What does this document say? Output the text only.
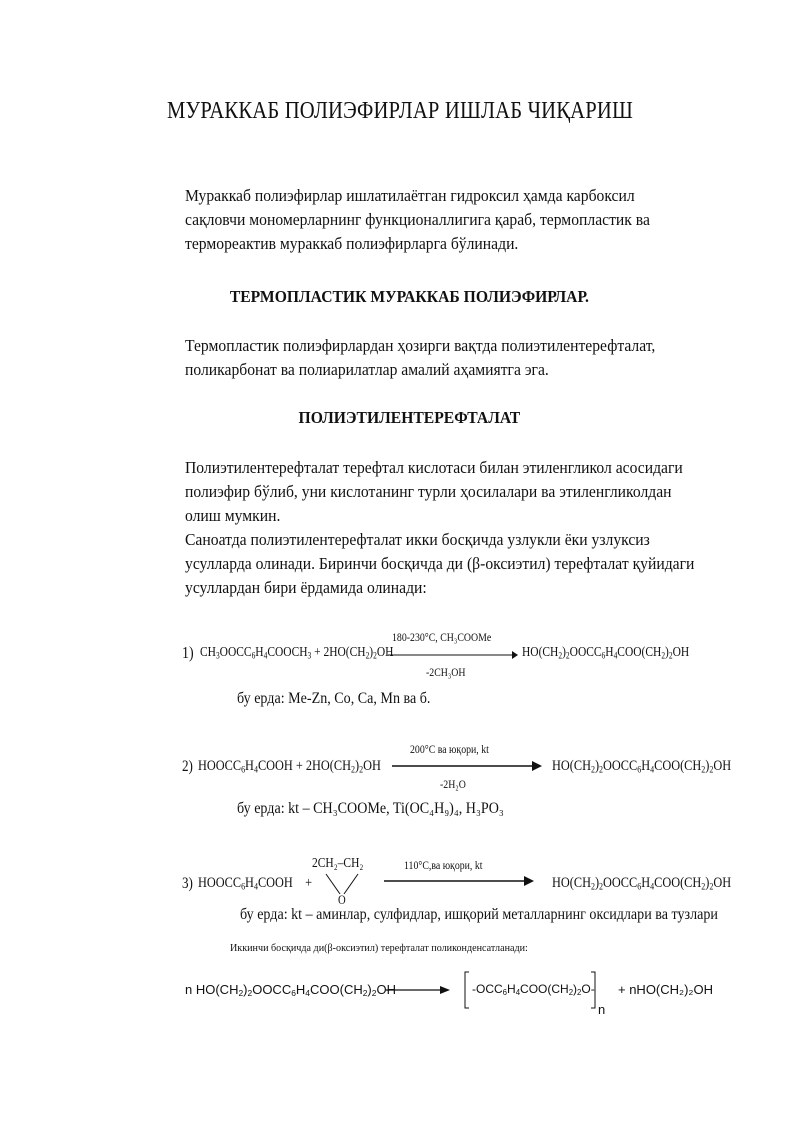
МУРАККАБ ПОЛИЭФИРЛАР ИШЛАБ ЧИҚАРИШ
Мураккаб полиэфирлар ишлатилаётган гидроксил ҳамда карбоксил
сақловчи мономерларнинг функционаллигига қараб, термопластик ва
термореактив мураккаб полиэфирларга бўлинади.
ТЕРМОПЛАСТИК МУРАККАБ ПОЛИЭФИРЛАР.
Термопластик полиэфирлардан ҳозирги вақтда полиэтилентерефталат,
поликарбонат ва полиарилатлар амалий аҳамиятга эга.
ПОЛИЭТИЛЕНТЕРЕФТАЛАТ
Полиэтилентерефталат терефтал кислотаси билан этиленгликол асосидаги
полиэфир бўлиб, уни кислотанинг турли ҳосилалари ва этиленгликолдан
олиш мумкин.
Саноатда полиэтилентерефталат икки босқичда узлукли ёки узлуксиз
усулларда олинади. Биринчи босқичда ди (β-оксиэтил) терефталат қуйидаги
усуллардан бири ёрдамида олинади:
1) $CH_3OOCC_6H_4COOCH_3 + 2HO(CH_2)_2OH$
180-230°C, CH₃COOMe
-2CH₃OH
$HO(CH_2)_2OOCC_6H_4COO(CH_2)_2OH$
бу ерда: Me-Zn, Co, Ca, Mn ва б.
2) $HOOCC_6H_4COOH + 2HO(CH_2)_2OH$
200°C ва юқори, kt
-2H₂O
$HO(CH_2)_2OOCC_6H_4COO(CH_2)_2OH$
бу ерда: kt – CH₃COOMe, Ti(OC₄H₉)₄, H₃PO₃
3) $HOOCC_6H_4COOH$    +
2CH₂–CH₂
O
110°C,ва юқори, kt
$HO(CH_2)_2OOCC_6H_4COO(CH_2)_2OH$
бу ерда: kt – аминлар, сулфидлар, ишқорий металларнинг оксидлари ва тузлари
Иккинчи босқичда ди(β-оксиэтил) терефталат поликонденсатланади:
n $HO(CH_2)_2OOCC_6H_4COO(CH_2)_2OH \to -OCC_6H_4COO(CH_2)_2O-$
n
+ nHO(CH₂)₂OH
